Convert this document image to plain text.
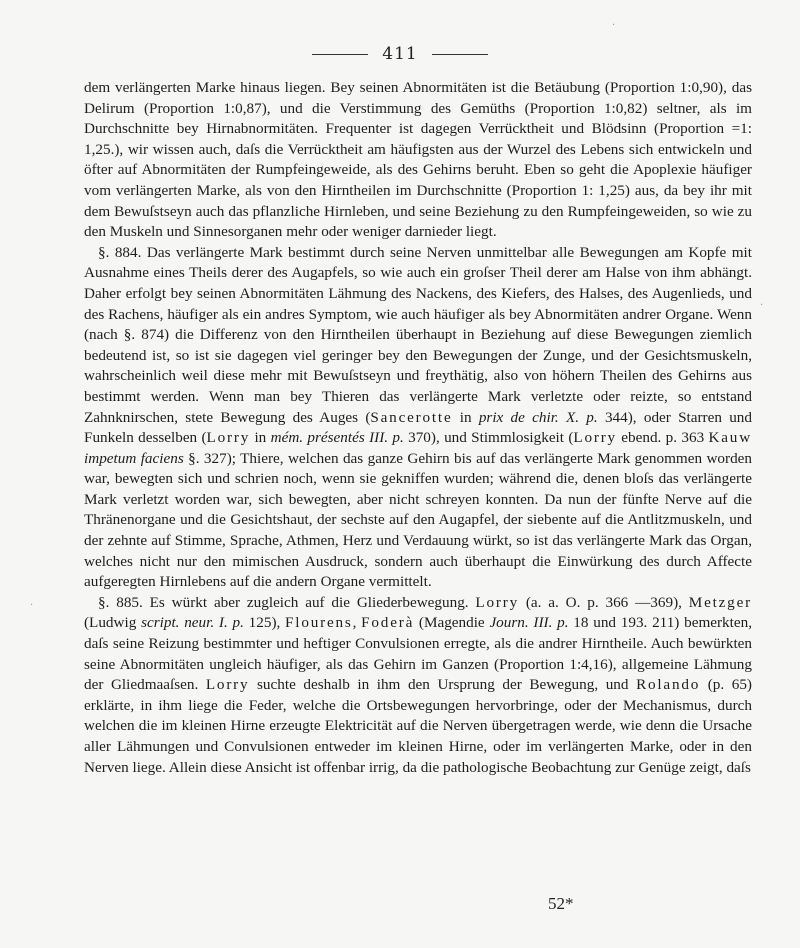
411

dem verlängerten Marke hinaus liegen. Bey seinen Abnormitäten ist die Betäubung (Proportion 1:0,90), das Delirum (Proportion 1:0,87), und die Verstimmung des Gemüths (Proportion 1:0,82) seltner, als im Durchschnitte bey Hirnabnormitäten. Frequenter ist dagegen Verrücktheit und Blödsinn (Proportion =1: 1,25.), wir wissen auch, daſs die Verrücktheit am häufigsten aus der Wurzel des Lebens sich entwickeln und öfter auf Abnormitäten der Rumpfeingeweide, als des Gehirns beruht. Eben so geht die Apoplexie häufiger vom verlängerten Marke, als von den Hirntheilen im Durchschnitte (Proportion 1: 1,25) aus, da bey ihr mit dem Bewuſstseyn auch das pflanzliche Hirnleben, und seine Beziehung zu den Rumpfeingeweiden, so wie zu den Muskeln und Sinnesorganen mehr oder weniger darnieder liegt.

§. 884. Das verlängerte Mark bestimmt durch seine Nerven unmittelbar alle Bewegungen am Kopfe mit Ausnahme eines Theils derer des Augapfels, so wie auch ein groſser Theil derer am Halse von ihm abhängt. Daher erfolgt bey seinen Abnormitäten Lähmung des Nackens, des Kiefers, des Halses, des Augenlieds, und des Rachens, häufiger als ein andres Symptom, wie auch häufiger als bey Abnormitäten andrer Organe. Wenn (nach §. 874) die Differenz von den Hirntheilen überhaupt in Beziehung auf diese Bewegungen ziemlich bedeutend ist, so ist sie dagegen viel geringer bey den Bewegungen der Zunge, und der Gesichtsmuskeln, wahrscheinlich weil diese mehr mit Bewuſstseyn und freythätig, also von höhern Theilen des Gehirns aus bestimmt werden. Wenn man bey Thieren das verlängerte Mark verletzte oder reizte, so entstand Zahnknirschen, stete Bewegung des Auges (Sancerotte in prix de chir. X. p. 344), oder Starren und Funkeln desselben (Lorry in mém. présentés III. p. 370), und Stimmlosigkeit (Lorry ebend. p. 363 Kauw impetum faciens §. 327); Thiere, welchen das ganze Gehirn bis auf das verlängerte Mark genommen worden war, bewegten sich und schrien noch, wenn sie gekniffen wurden; während die, denen bloſs das verlängerte Mark verletzt worden war, sich bewegten, aber nicht schreyen konnten. Da nun der fünfte Nerve auf die Thränenorgane und die Gesichtshaut, der sechste auf den Augapfel, der siebente auf die Antlitzmuskeln, und der zehnte auf Stimme, Sprache, Athmen, Herz und Verdauung würkt, so ist das verlängerte Mark das Organ, welches nicht nur den mimischen Ausdruck, sondern auch überhaupt die Einwürkung des durch Affecte aufgeregten Hirnlebens auf die andern Organe vermittelt.

§. 885. Es würkt aber zugleich auf die Gliederbewegung. Lorry (a. a. O. p. 366 —369), Metzger (Ludwig script. neur. I. p. 125), Flourens, Foderà (Magendie Journ. III. p. 18 und 193. 211) bemerkten, daſs seine Reizung bestimmter und heftiger Convulsionen erregte, als die andrer Hirntheile. Auch bewürkten seine Abnormitäten ungleich häufiger, als das Gehirn im Ganzen (Proportion 1:4,16), allgemeine Lähmung der Gliedmaaſsen. Lorry suchte deshalb in ihm den Ursprung der Bewegung, und Rolando (p. 65) erklärte, in ihm liege die Feder, welche die Ortsbewegungen hervorbringe, oder der Mechanismus, durch welchen die im kleinen Hirne erzeugte Elektricität auf die Nerven übergetragen werde, wie denn die Ursache aller Lähmungen und Convulsionen entweder im kleinen Hirne, oder im verlängerten Marke, oder in den Nerven liege. Allein diese Ansicht ist offenbar irrig, da die pathologische Beobachtung zur Genüge zeigt, daſs

52*
·
·
·
